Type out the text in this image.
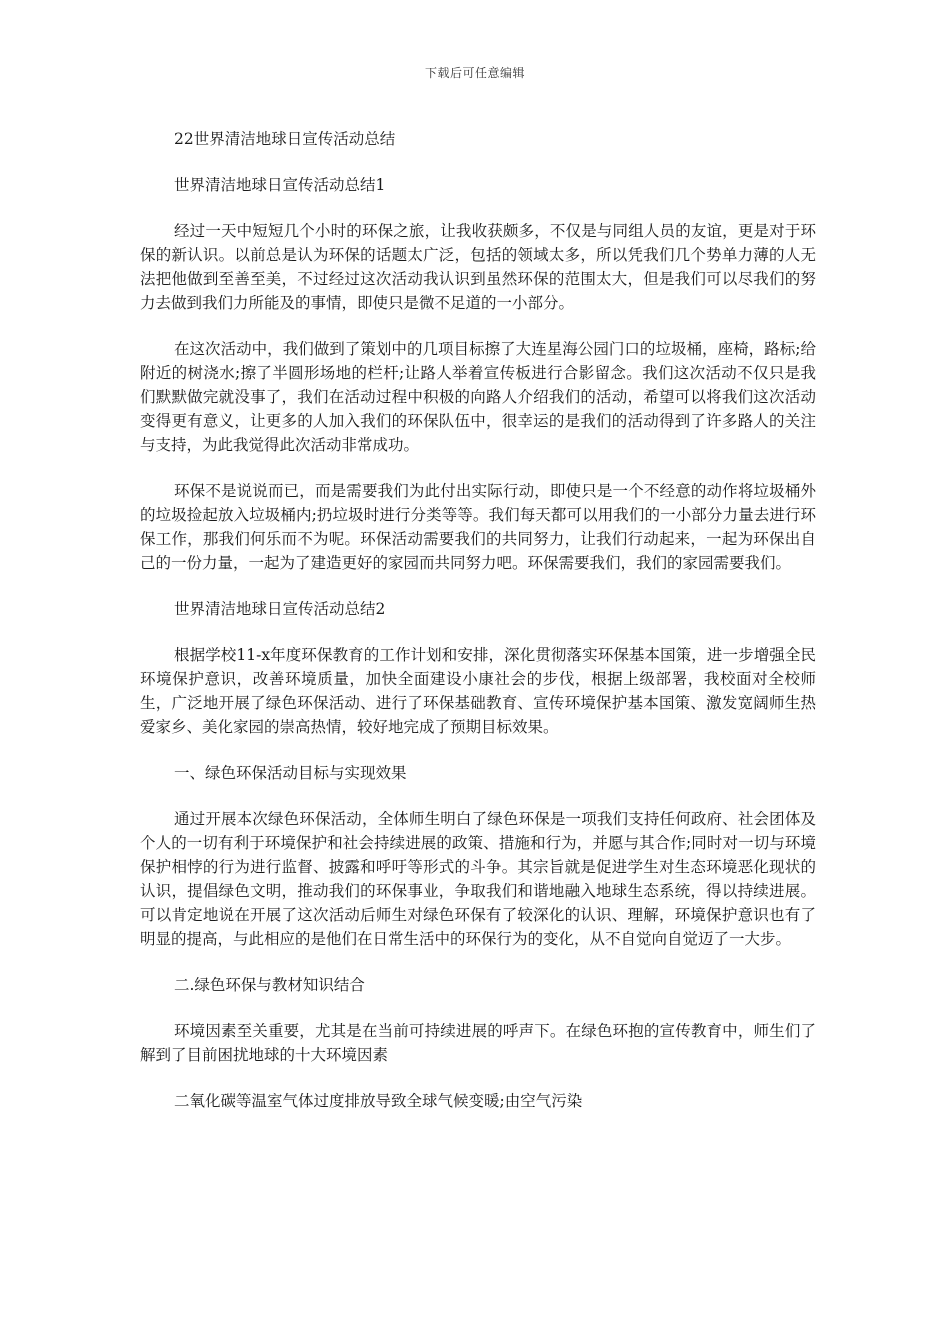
下载后可任意编辑

22世界清洁地球日宣传活动总结

世界清洁地球日宣传活动总结1

经过一天中短短几个小时的环保之旅，让我收获颇多，不仅是与同组人员的友谊，更是对于环保的新认识。以前总是认为环保的话题太广泛，包括的领域太多，所以凭我们几个势单力薄的人无法把他做到至善至美，不过经过这次活动我认识到虽然环保的范围太大，但是我们可以尽我们的努力去做到我们力所能及的事情，即使只是微不足道的一小部分。

在这次活动中，我们做到了策划中的几项目标擦了大连星海公园门口的垃圾桶，座椅，路标;给附近的树浇水;擦了半圆形场地的栏杆;让路人举着宣传板进行合影留念。我们这次活动不仅只是我们默默做完就没事了，我们在活动过程中积极的向路人介绍我们的活动，希望可以将我们这次活动变得更有意义，让更多的人加入我们的环保队伍中，很幸运的是我们的活动得到了许多路人的关注与支持，为此我觉得此次活动非常成功。

环保不是说说而已，而是需要我们为此付出实际行动，即使只是一个不经意的动作将垃圾桶外的垃圾捡起放入垃圾桶内;扔垃圾时进行分类等等。我们每天都可以用我们的一小部分力量去进行环保工作，那我们何乐而不为呢。环保活动需要我们的共同努力，让我们行动起来，一起为环保出自己的一份力量，一起为了建造更好的家园而共同努力吧。环保需要我们，我们的家园需要我们。

世界清洁地球日宣传活动总结2

根据学校11-x年度环保教育的工作计划和安排，深化贯彻落实环保基本国策，进一步增强全民环境保护意识，改善环境质量，加快全面建设小康社会的步伐，根据上级部署，我校面对全校师生，广泛地开展了绿色环保活动、进行了环保基础教育、宣传环境保护基本国策、激发宽阔师生热爱家乡、美化家园的崇高热情，较好地完成了预期目标效果。

一、绿色环保活动目标与实现效果

通过开展本次绿色环保活动，全体师生明白了绿色环保是一项我们支持任何政府、社会团体及个人的一切有利于环境保护和社会持续进展的政策、措施和行为，并愿与其合作;同时对一切与环境保护相悖的行为进行监督、披露和呼吁等形式的斗争。其宗旨就是促进学生对生态环境恶化现状的认识，提倡绿色文明，推动我们的环保事业，争取我们和谐地融入地球生态系统，得以持续进展。可以肯定地说在开展了这次活动后师生对绿色环保有了较深化的认识、理解，环境保护意识也有了明显的提高，与此相应的是他们在日常生活中的环保行为的变化，从不自觉向自觉迈了一大步。

二.绿色环保与教材知识结合

环境因素至关重要，尤其是在当前可持续进展的呼声下。在绿色环抱的宣传教育中，师生们了解到了目前困扰地球的十大环境因素

二氧化碳等温室气体过度排放导致全球气候变暖;由空气污染
